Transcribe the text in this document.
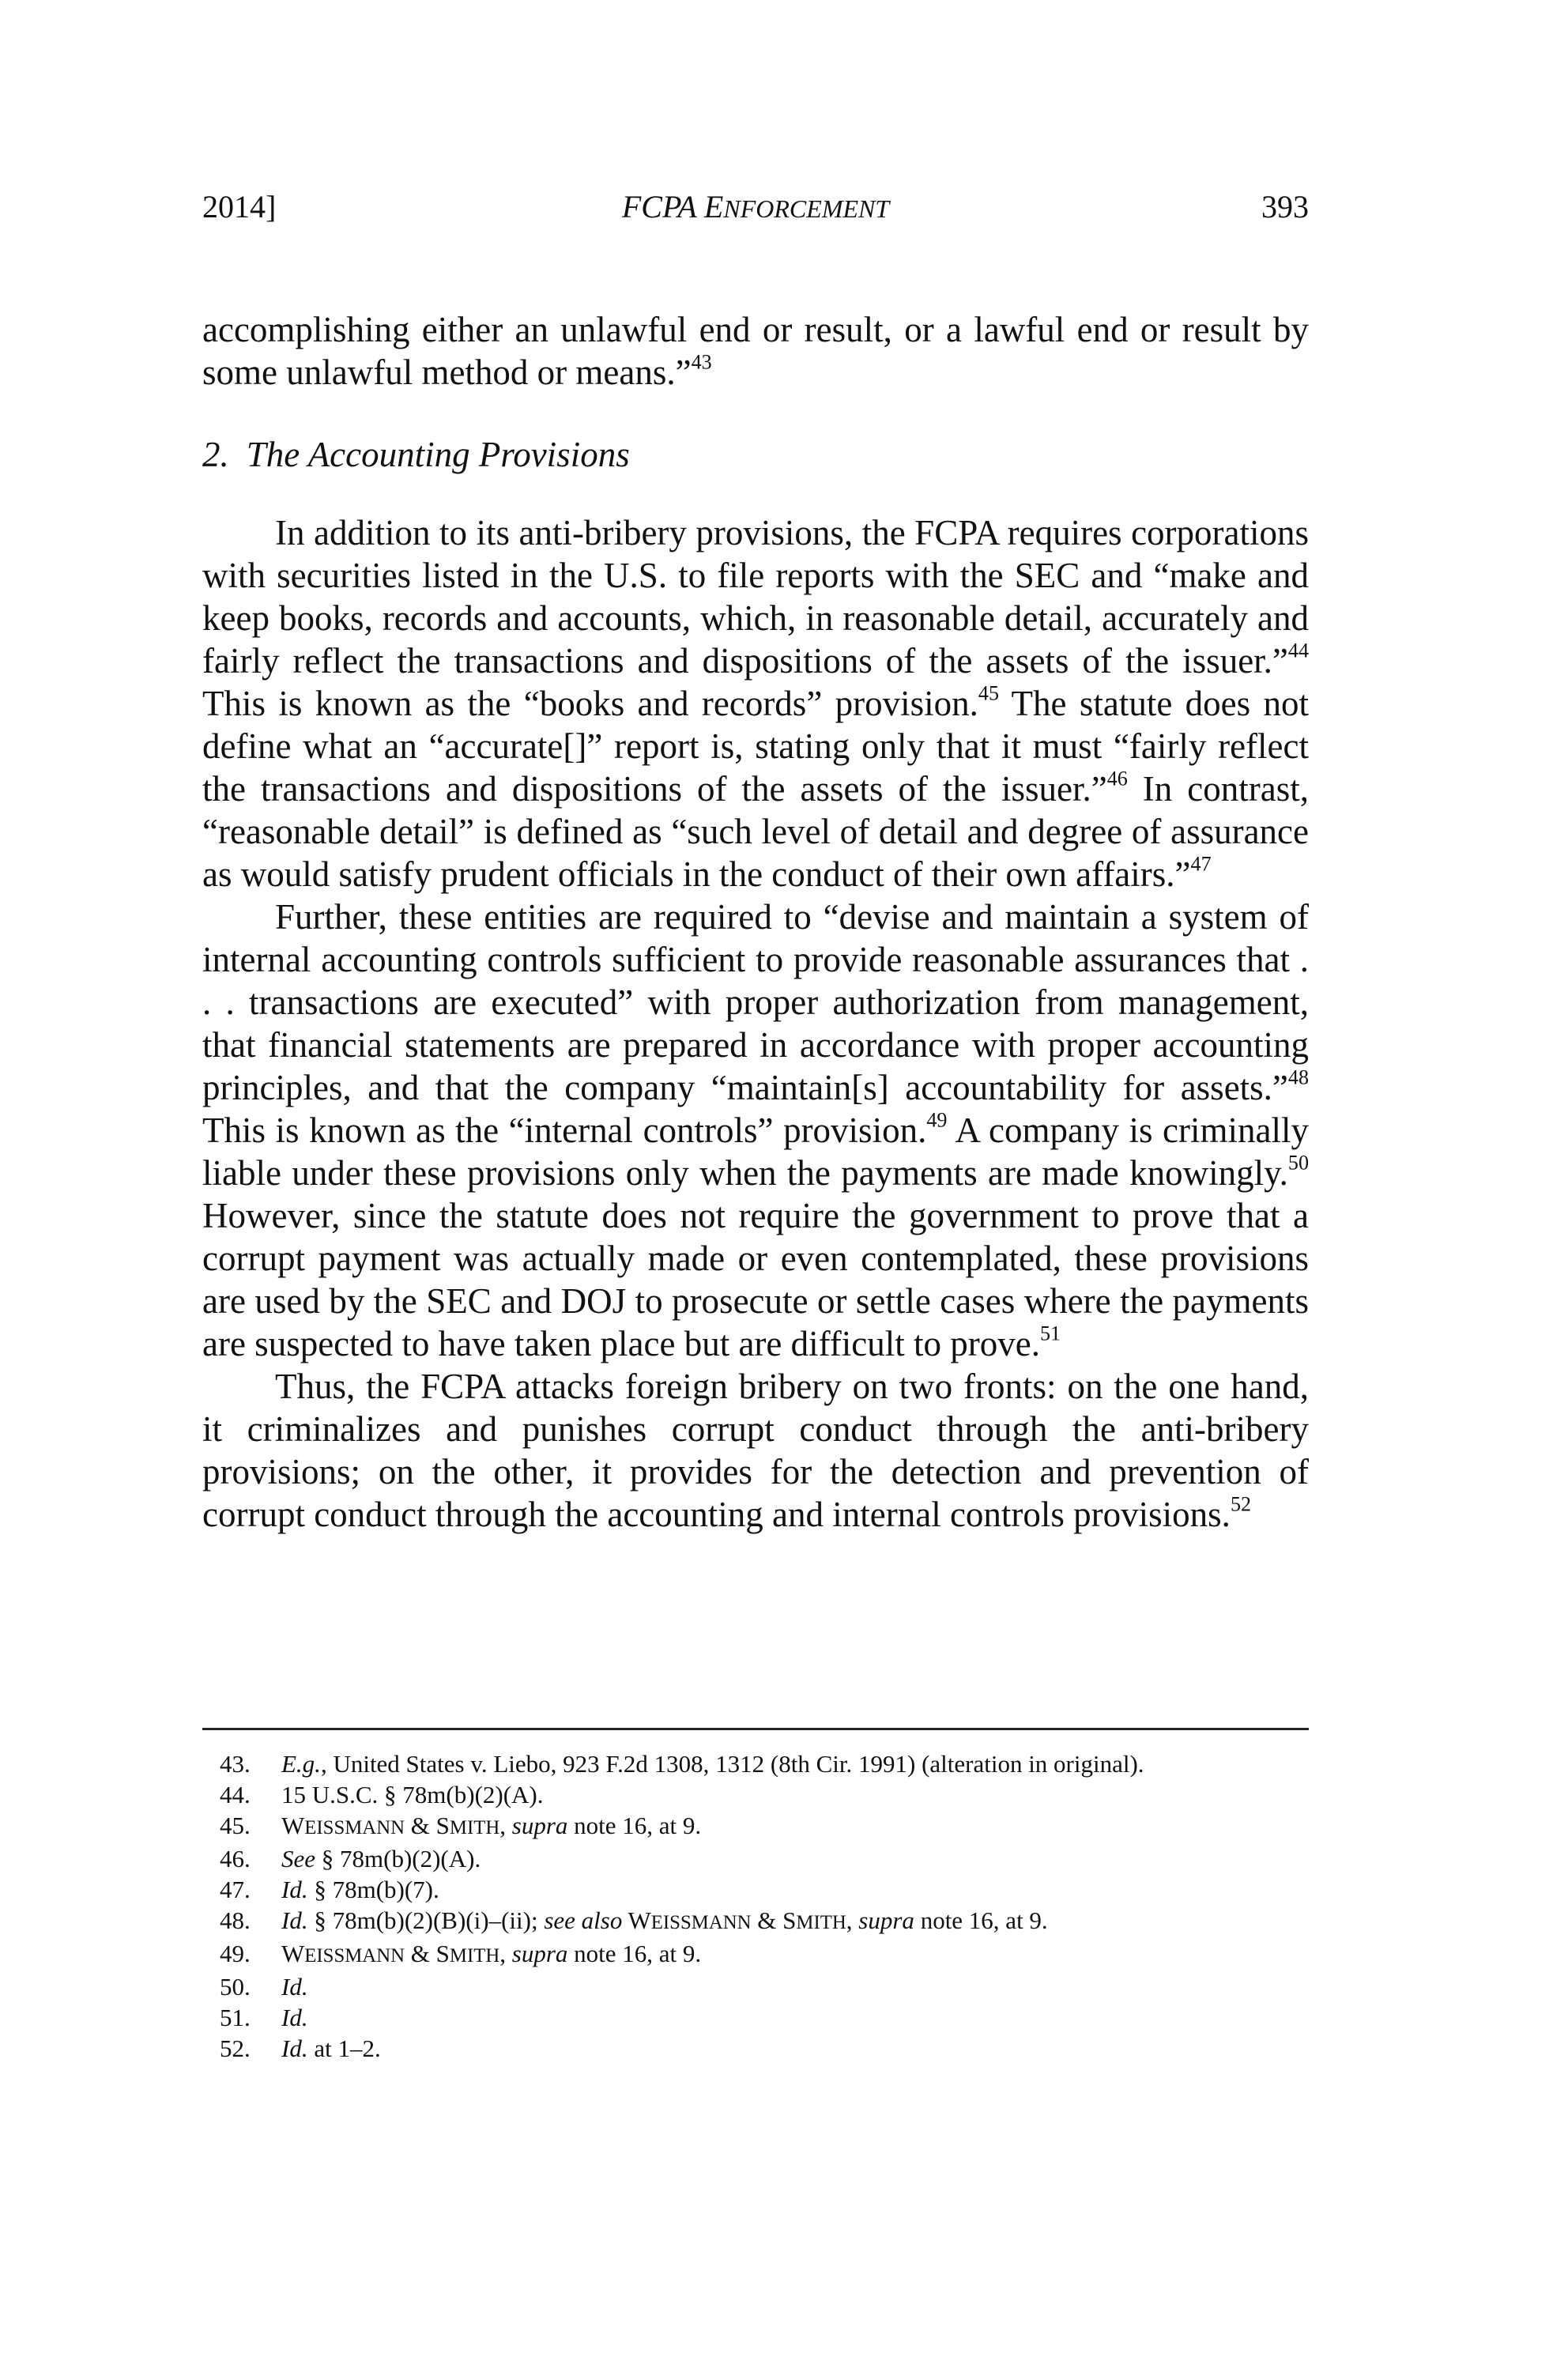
2014]	FCPA ENFORCEMENT	393

accomplishing either an unlawful end or result, or a lawful end or result by some unlawful method or means.”$^{43}$

2. The Accounting Provisions

In addition to its anti-bribery provisions, the FCPA requires corporations with securities listed in the U.S. to file reports with the SEC and “make and keep books, records and accounts, which, in reasonable detail, accurately and fairly reflect the transactions and dispositions of the assets of the issuer.”$^{44}$ This is known as the “books and records” provision.$^{45}$ The statute does not define what an “accurate[]” report is, stating only that it must “fairly reflect the transactions and dispositions of the assets of the issuer.”$^{46}$ In contrast, “reasonable detail” is defined as “such level of detail and degree of assurance as would satisfy prudent officials in the conduct of their own affairs.”$^{47}$

Further, these entities are required to “devise and maintain a system of internal accounting controls sufficient to provide reasonable assurances that . . . transactions are executed” with proper authorization from management, that financial statements are prepared in accordance with proper accounting principles, and that the company “maintain[s] accountability for assets.”$^{48}$ This is known as the “internal controls” provision.$^{49}$ A company is criminally liable under these provisions only when the payments are made knowingly.$^{50}$ However, since the statute does not require the government to prove that a corrupt payment was actually made or even contemplated, these provisions are used by the SEC and DOJ to prosecute or settle cases where the payments are suspected to have taken place but are difficult to prove.$^{51}$

Thus, the FCPA attacks foreign bribery on two fronts: on the one hand, it criminalizes and punishes corrupt conduct through the anti-bribery provisions; on the other, it provides for the detection and prevention of corrupt conduct through the accounting and internal controls provisions.$^{52}$

43. E.g., United States v. Liebo, 923 F.2d 1308, 1312 (8th Cir. 1991) (alteration in original).

44. 15 U.S.C. § 78m(b)(2)(A).

45. WEISSMANN & SMITH, supra note 16, at 9.

46. See § 78m(b)(2)(A).

47. Id. § 78m(b)(7).

48. Id. § 78m(b)(2)(B)(i)–(ii); see also WEISSMANN & SMITH, supra note 16, at 9.

49. WEISSMANN & SMITH, supra note 16, at 9.

50. Id.

51. Id.

52. Id. at 1–2.
